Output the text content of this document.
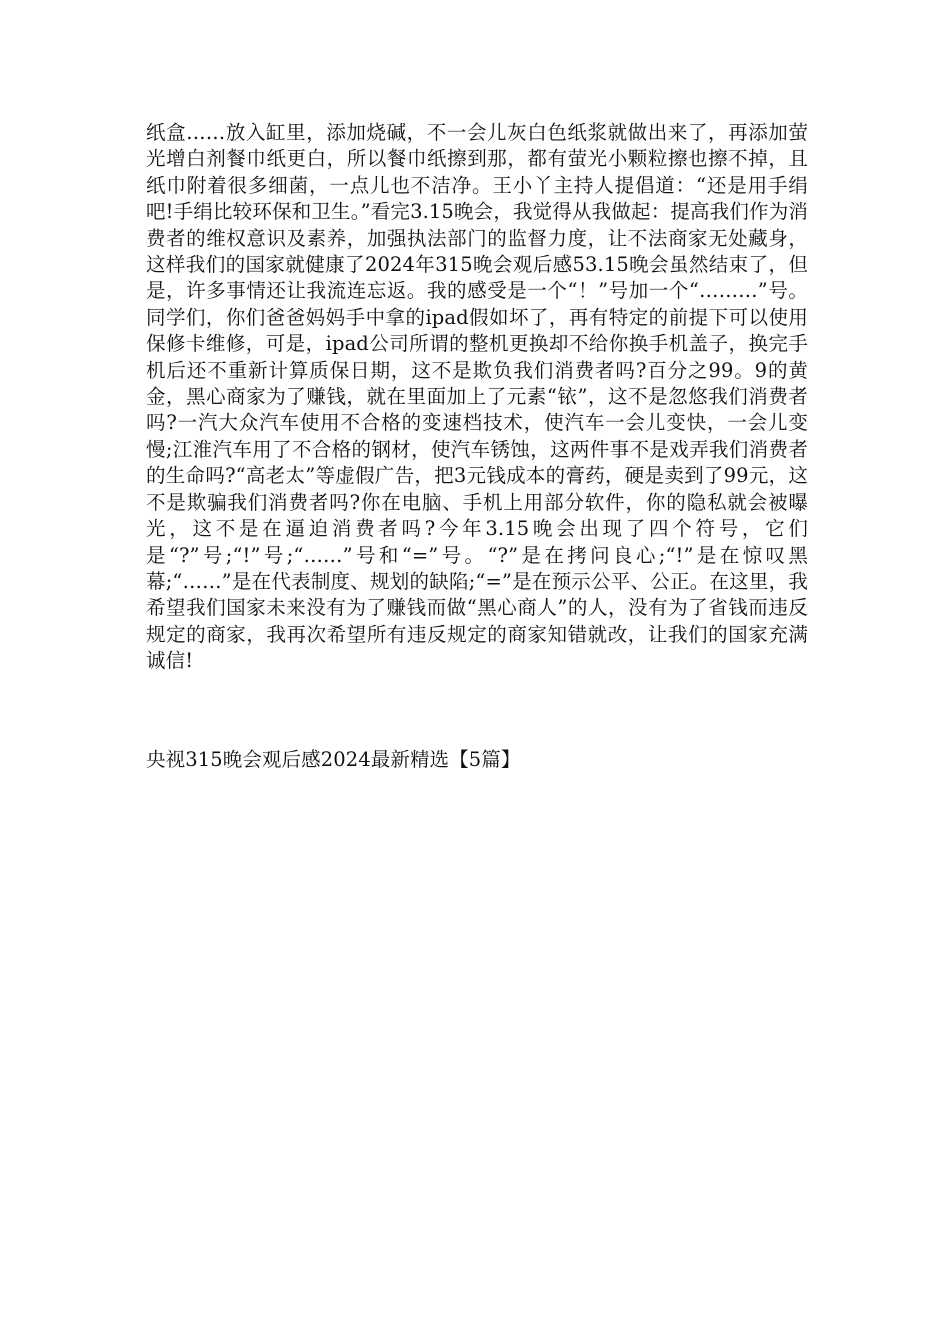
纸盒……放入缸里，添加烧碱，不一会儿灰白色纸浆就做出来了，再添加萤光增白剂餐巾纸更白，所以餐巾纸擦到那，都有萤光小颗粒擦也擦不掉，且纸巾附着很多细菌，一点儿也不洁净。王小丫主持人提倡道：“还是用手绢吧!手绢比较环保和卫生。”看完3.15晚会，我觉得从我做起：提高我们作为消费者的维权意识及素养，加强执法部门的监督力度，让不法商家无处藏身，这样我们的国家就健康了2024年315晚会观后感53.15晚会虽然结束了，但是，许多事情还让我流连忘返。我的感受是一个“！”号加一个“………”号。同学们，你们爸爸妈妈手中拿的ipad假如坏了，再有特定的前提下可以使用保修卡维修，可是，ipad公司所谓的整机更换却不给你换手机盖子，换完手机后还不重新计算质保日期，这不是欺负我们消费者吗?百分之99。9的黄金，黑心商家为了赚钱，就在里面加上了元素“铱”，这不是忽悠我们消费者吗?一汽大众汽车使用不合格的变速档技术，使汽车一会儿变快，一会儿变慢;江淮汽车用了不合格的钢材，使汽车锈蚀，这两件事不是戏弄我们消费者的生命吗?“高老太”等虚假广告，把3元钱成本的膏药，硬是卖到了99元，这不是欺骗我们消费者吗?你在电脑、手机上用部分软件，你的隐私就会被曝光，这不是在逼迫消费者吗?今年3.15晚会出现了四个符号，它们是“?”号;“!”号;“……”号和“=”号。“?”是在拷问良心;“!”是在惊叹黑幕;“……”是在代表制度、规划的缺陷;“=”是在预示公平、公正。在这里，我希望我们国家未来没有为了赚钱而做“黑心商人”的人，没有为了省钱而违反规定的商家，我再次希望所有违反规定的商家知错就改，让我们的国家充满诚信!

央视315晚会观后感2024最新精选【5篇】
